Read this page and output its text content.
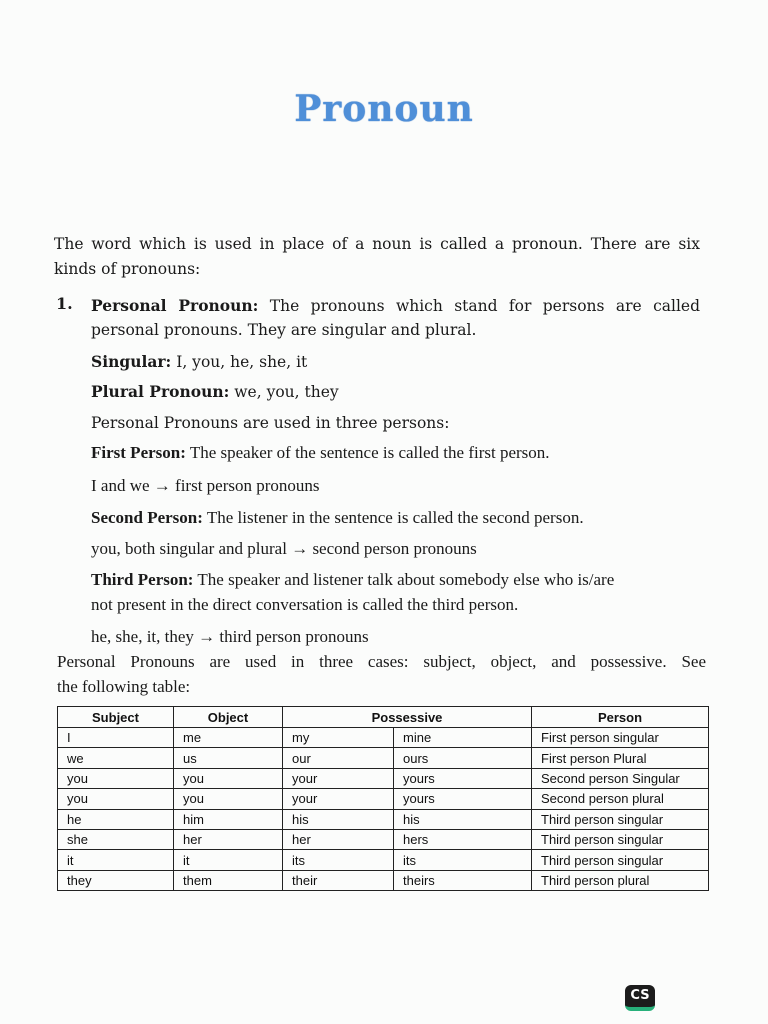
Pronoun
The word which is used in place of a noun is called a pronoun. There are six
kinds of pronouns:
1. Personal Pronoun: The pronouns which stand for persons are called
personal pronouns. They are singular and plural.
Singular: I, you, he, she, it
Plural Pronoun: we, you, they
Personal Pronouns are used in three persons:
First Person: The speaker of the sentence is called the first person.
I and we → first person pronouns
Second Person: The listener in the sentence is called the second person.
you, both singular and plural → second person pronouns
Third Person: The speaker and listener talk about somebody else who is/are
not present in the direct conversation is called the third person.
he, she, it, they → third person pronouns
Personal Pronouns are used in three cases: subject, object, and possessive. See
the following table:
Subject	Object	Possessive		Person
I	me	my	mine	First person singular
we	us	our	ours	First person Plural
you	you	your	yours	Second person Singular
you	you	your	yours	Second person plural
he	him	his	his	Third person singular
she	her	her	hers	Third person singular
it	it	its	its	Third person singular
they	them	their	theirs	Third person plural
CS
